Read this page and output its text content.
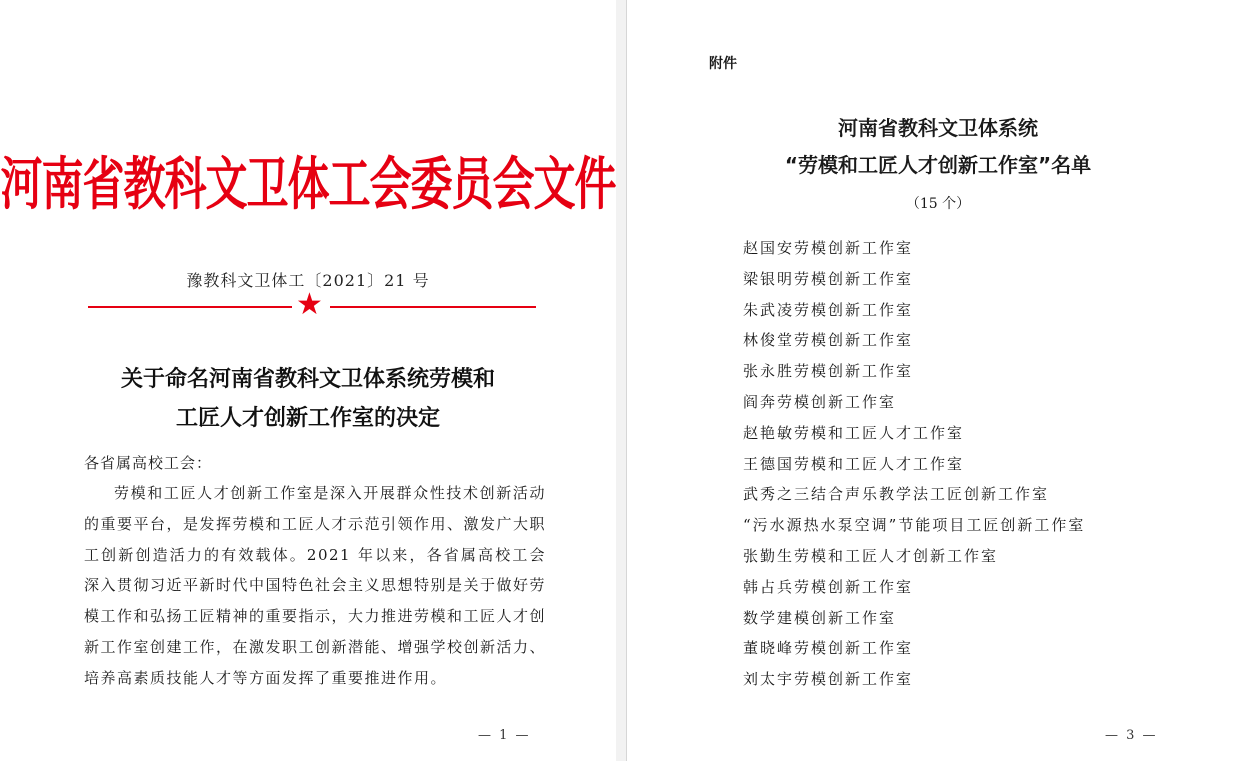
河南省教科文卫体工会委员会文件
豫教科文卫体工〔2021〕21 号
★
关于命名河南省教科文卫体系统劳模和
工匠人才创新工作室的决定
各省属高校工会：
劳模和工匠人才创新工作室是深入开展群众性技术创新活动的重要平台，是发挥劳模和工匠人才示范引领作用、激发广大职工创新创造活力的有效载体。2021 年以来，各省属高校工会深入贯彻习近平新时代中国特色社会主义思想特别是关于做好劳模工作和弘扬工匠精神的重要指示，大力推进劳模和工匠人才创新工作室创建工作，在激发职工创新潜能、增强学校创新活力、培养高素质技能人才等方面发挥了重要推进作用。
— 1 —
附件
河南省教科文卫体系统
“劳模和工匠人才创新工作室”名单
（15 个）
赵国安劳模创新工作室
梁银明劳模创新工作室
朱武凌劳模创新工作室
林俊堂劳模创新工作室
张永胜劳模创新工作室
阎奔劳模创新工作室
赵艳敏劳模和工匠人才工作室
王德国劳模和工匠人才工作室
武秀之三结合声乐教学法工匠创新工作室
“污水源热水泵空调”节能项目工匠创新工作室
张勤生劳模和工匠人才创新工作室
韩占兵劳模创新工作室
数学建模创新工作室
董晓峰劳模创新工作室
刘太宇劳模创新工作室
— 3 —
